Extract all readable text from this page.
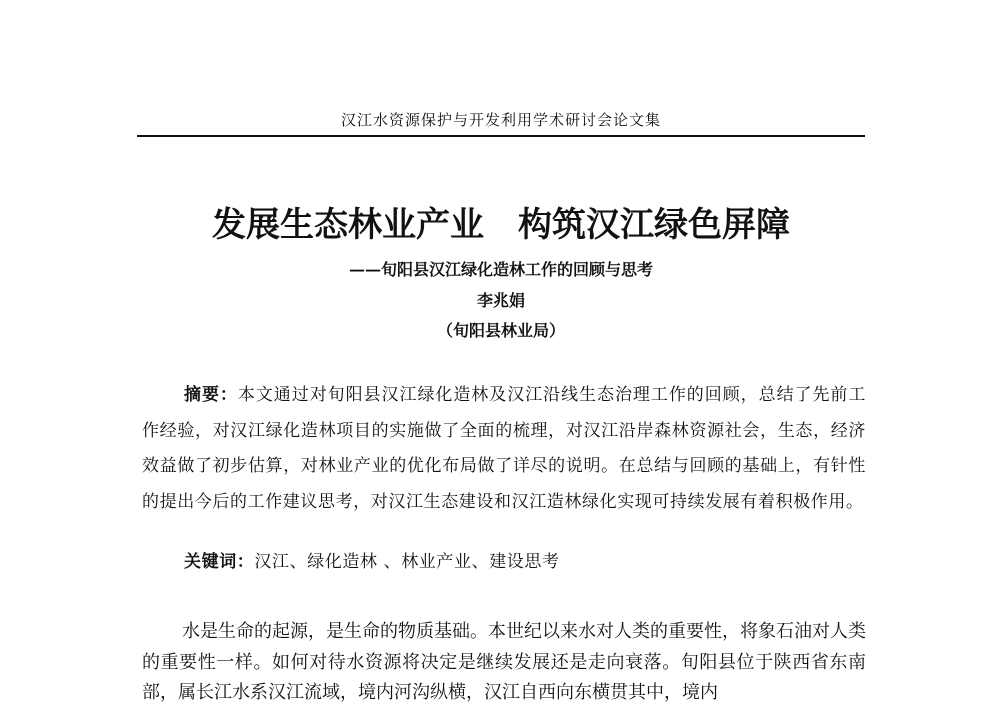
汉江水资源保护与开发利用学术研讨会论文集
发展生态林业产业　构筑汉江绿色屏障
——旬阳县汉江绿化造林工作的回顾与思考
李兆娟
（旬阳县林业局）

摘要：本文通过对旬阳县汉江绿化造林及汉江沿线生态治理工作的回顾，总结了先前工作经验，对汉江绿化造林项目的实施做了全面的梳理，对汉江沿岸森林资源社会，生态，经济效益做了初步估算，对林业产业的优化布局做了详尽的说明。在总结与回顾的基础上，有针性的提出今后的工作建议思考，对汉江生态建设和汉江造林绿化实现可持续发展有着积极作用。

关键词：汉江、绿化造林 、林业产业、建设思考

水是生命的起源，是生命的物质基础。本世纪以来水对人类的重要性，将象石油对人类的重要性一样。如何对待水资源将决定是继续发展还是走向衰落。旬阳县位于陕西省东南部，属长江水系汉江流域，境内河沟纵横，汉江自西向东横贯其中，境内
